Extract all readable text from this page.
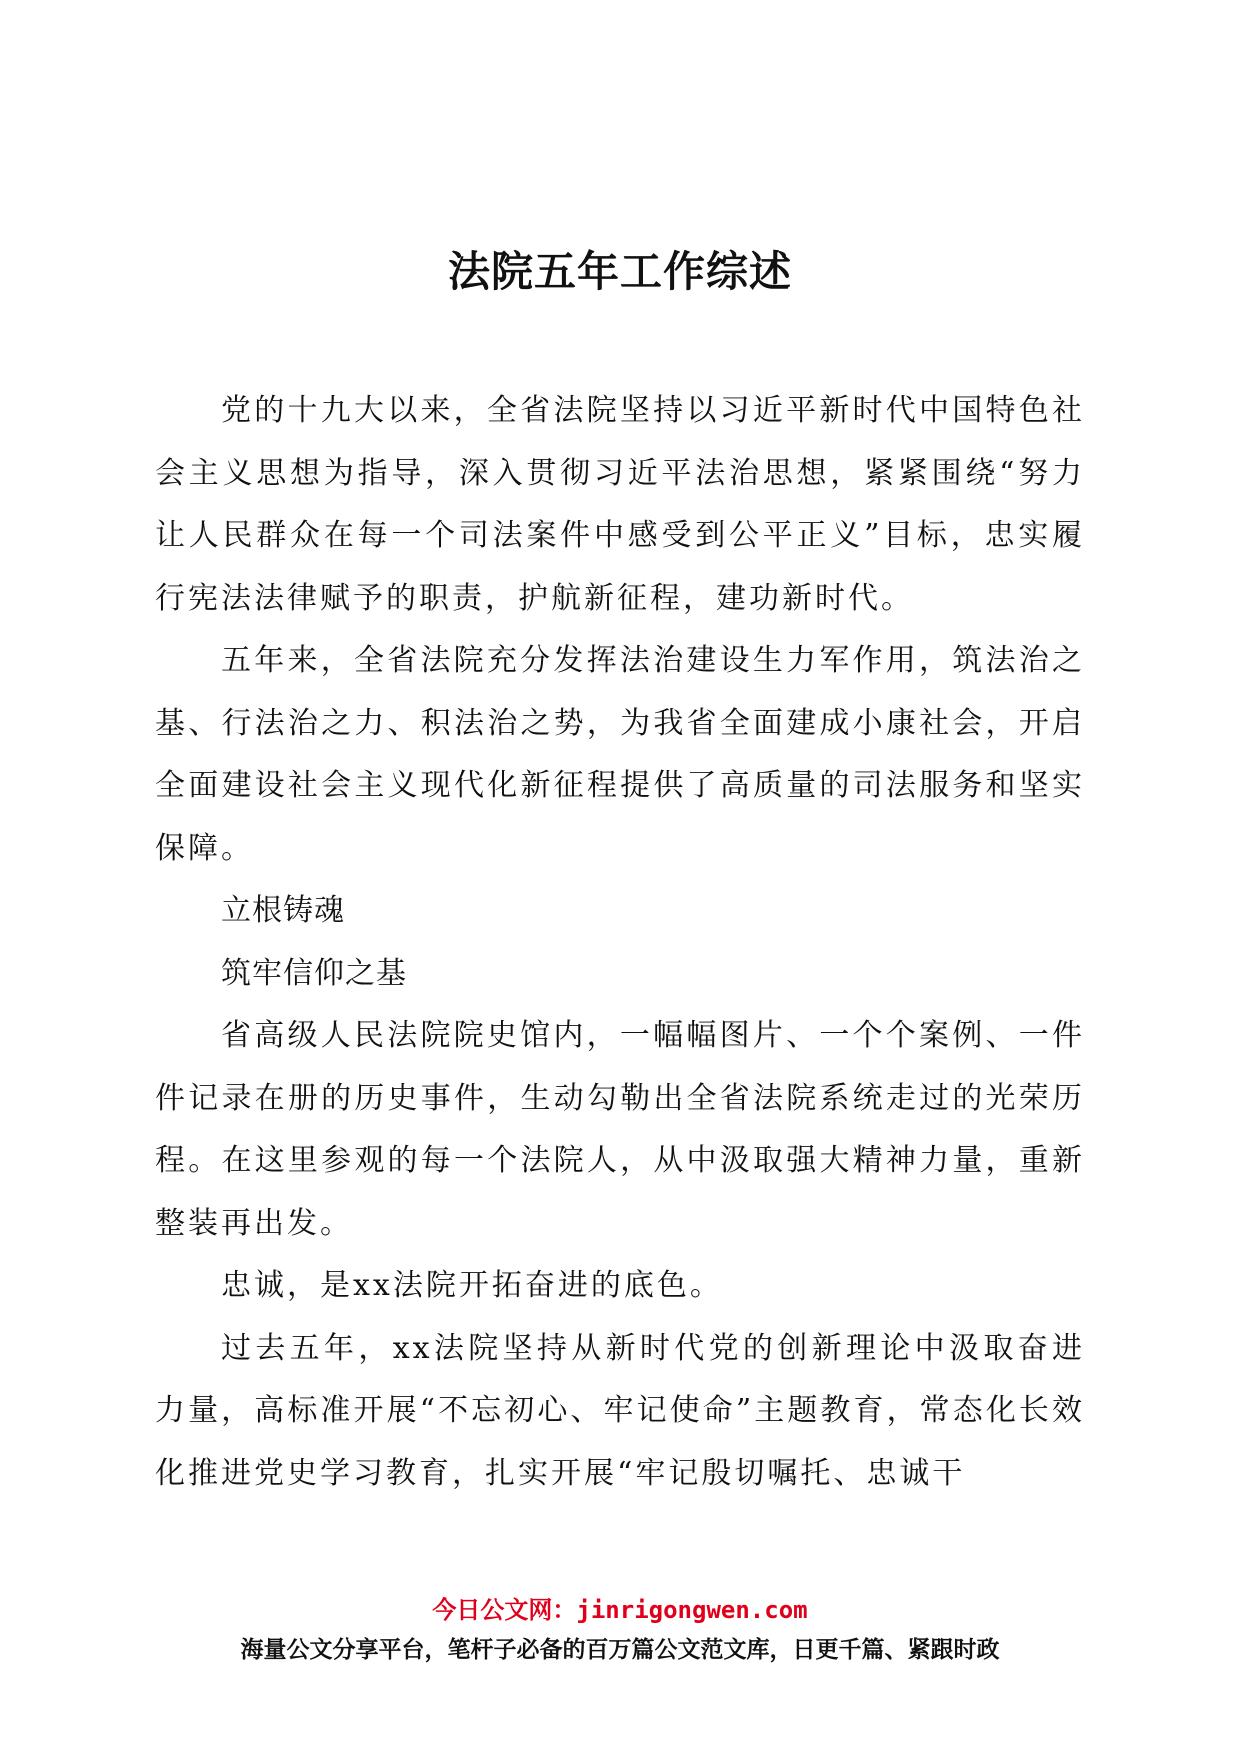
法院五年工作综述

党的十九大以来，全省法院坚持以习近平新时代中国特色社会主义思想为指导，深入贯彻习近平法治思想，紧紧围绕“努力让人民群众在每一个司法案件中感受到公平正义”目标，忠实履行宪法法律赋予的职责，护航新征程，建功新时代。

五年来，全省法院充分发挥法治建设生力军作用，筑法治之基、行法治之力、积法治之势，为我省全面建成小康社会，开启全面建设社会主义现代化新征程提供了高质量的司法服务和坚实保障。

立根铸魂

筑牢信仰之基

省高级人民法院院史馆内，一幅幅图片、一个个案例、一件件记录在册的历史事件，生动勾勒出全省法院系统走过的光荣历程。在这里参观的每一个法院人，从中汲取强大精神力量，重新整装再出发。

忠诚，是xx法院开拓奋进的底色。

过去五年，xx法院坚持从新时代党的创新理论中汲取奋进力量，高标准开展“不忘初心、牢记使命”主题教育，常态化长效化推进党史学习教育，扎实开展“牢记殷切嘱托、忠诚干

今日公文网：jinrigongwen.com
海量公文分享平台，笔杆子必备的百万篇公文范文库，日更千篇、紧跟时政
